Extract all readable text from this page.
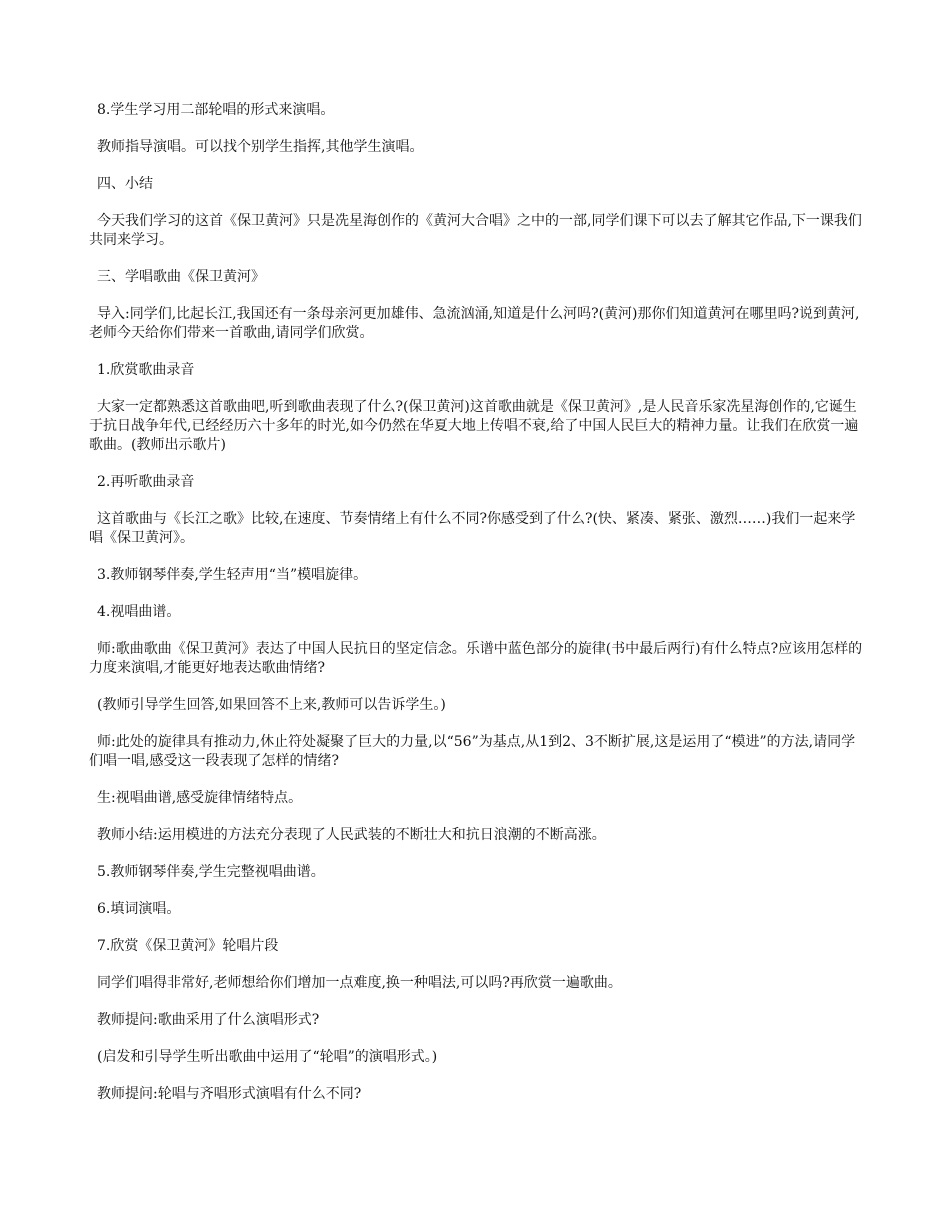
8.学生学习用二部轮唱的形式来演唱。

教师指导演唱。可以找个别学生指挥,其他学生演唱。

四、小结

今天我们学习的这首《保卫黄河》只是冼星海创作的《黄河大合唱》之中的一部,同学们课下可以去了解其它作品,下一课我们共同来学习。

三、学唱歌曲《保卫黄河》

导入:同学们,比起长江,我国还有一条母亲河更加雄伟、急流汹涌,知道是什么河吗?(黄河)那你们知道黄河在哪里吗?说到黄河,老师今天给你们带来一首歌曲,请同学们欣赏。

1.欣赏歌曲录音

大家一定都熟悉这首歌曲吧,听到歌曲表现了什么?(保卫黄河)这首歌曲就是《保卫黄河》,是人民音乐家冼星海创作的,它诞生于抗日战争年代,已经经历六十多年的时光,如今仍然在华夏大地上传唱不衰,给了中国人民巨大的精神力量。让我们在欣赏一遍歌曲。(教师出示歌片)

2.再听歌曲录音

这首歌曲与《长江之歌》比较,在速度、节奏情绪上有什么不同?你感受到了什么?(快、紧凑、紧张、激烈……)我们一起来学唱《保卫黄河》。

3.教师钢琴伴奏,学生轻声用“当”模唱旋律。

4.视唱曲谱。

师:歌曲歌曲《保卫黄河》表达了中国人民抗日的坚定信念。乐谱中蓝色部分的旋律(书中最后两行)有什么特点?应该用怎样的力度来演唱,才能更好地表达歌曲情绪?

(教师引导学生回答,如果回答不上来,教师可以告诉学生。)

师:此处的旋律具有推动力,休止符处凝聚了巨大的力量,以“56”为基点,从1到2、3不断扩展,这是运用了“模进”的方法,请同学们唱一唱,感受这一段表现了怎样的情绪?

生:视唱曲谱,感受旋律情绪特点。

教师小结:运用模进的方法充分表现了人民武装的不断壮大和抗日浪潮的不断高涨。

5.教师钢琴伴奏,学生完整视唱曲谱。

6.填词演唱。

7.欣赏《保卫黄河》轮唱片段

同学们唱得非常好,老师想给你们增加一点难度,换一种唱法,可以吗?再欣赏一遍歌曲。

教师提问:歌曲采用了什么演唱形式?

(启发和引导学生听出歌曲中运用了“轮唱”的演唱形式。)

教师提问:轮唱与齐唱形式演唱有什么不同?
